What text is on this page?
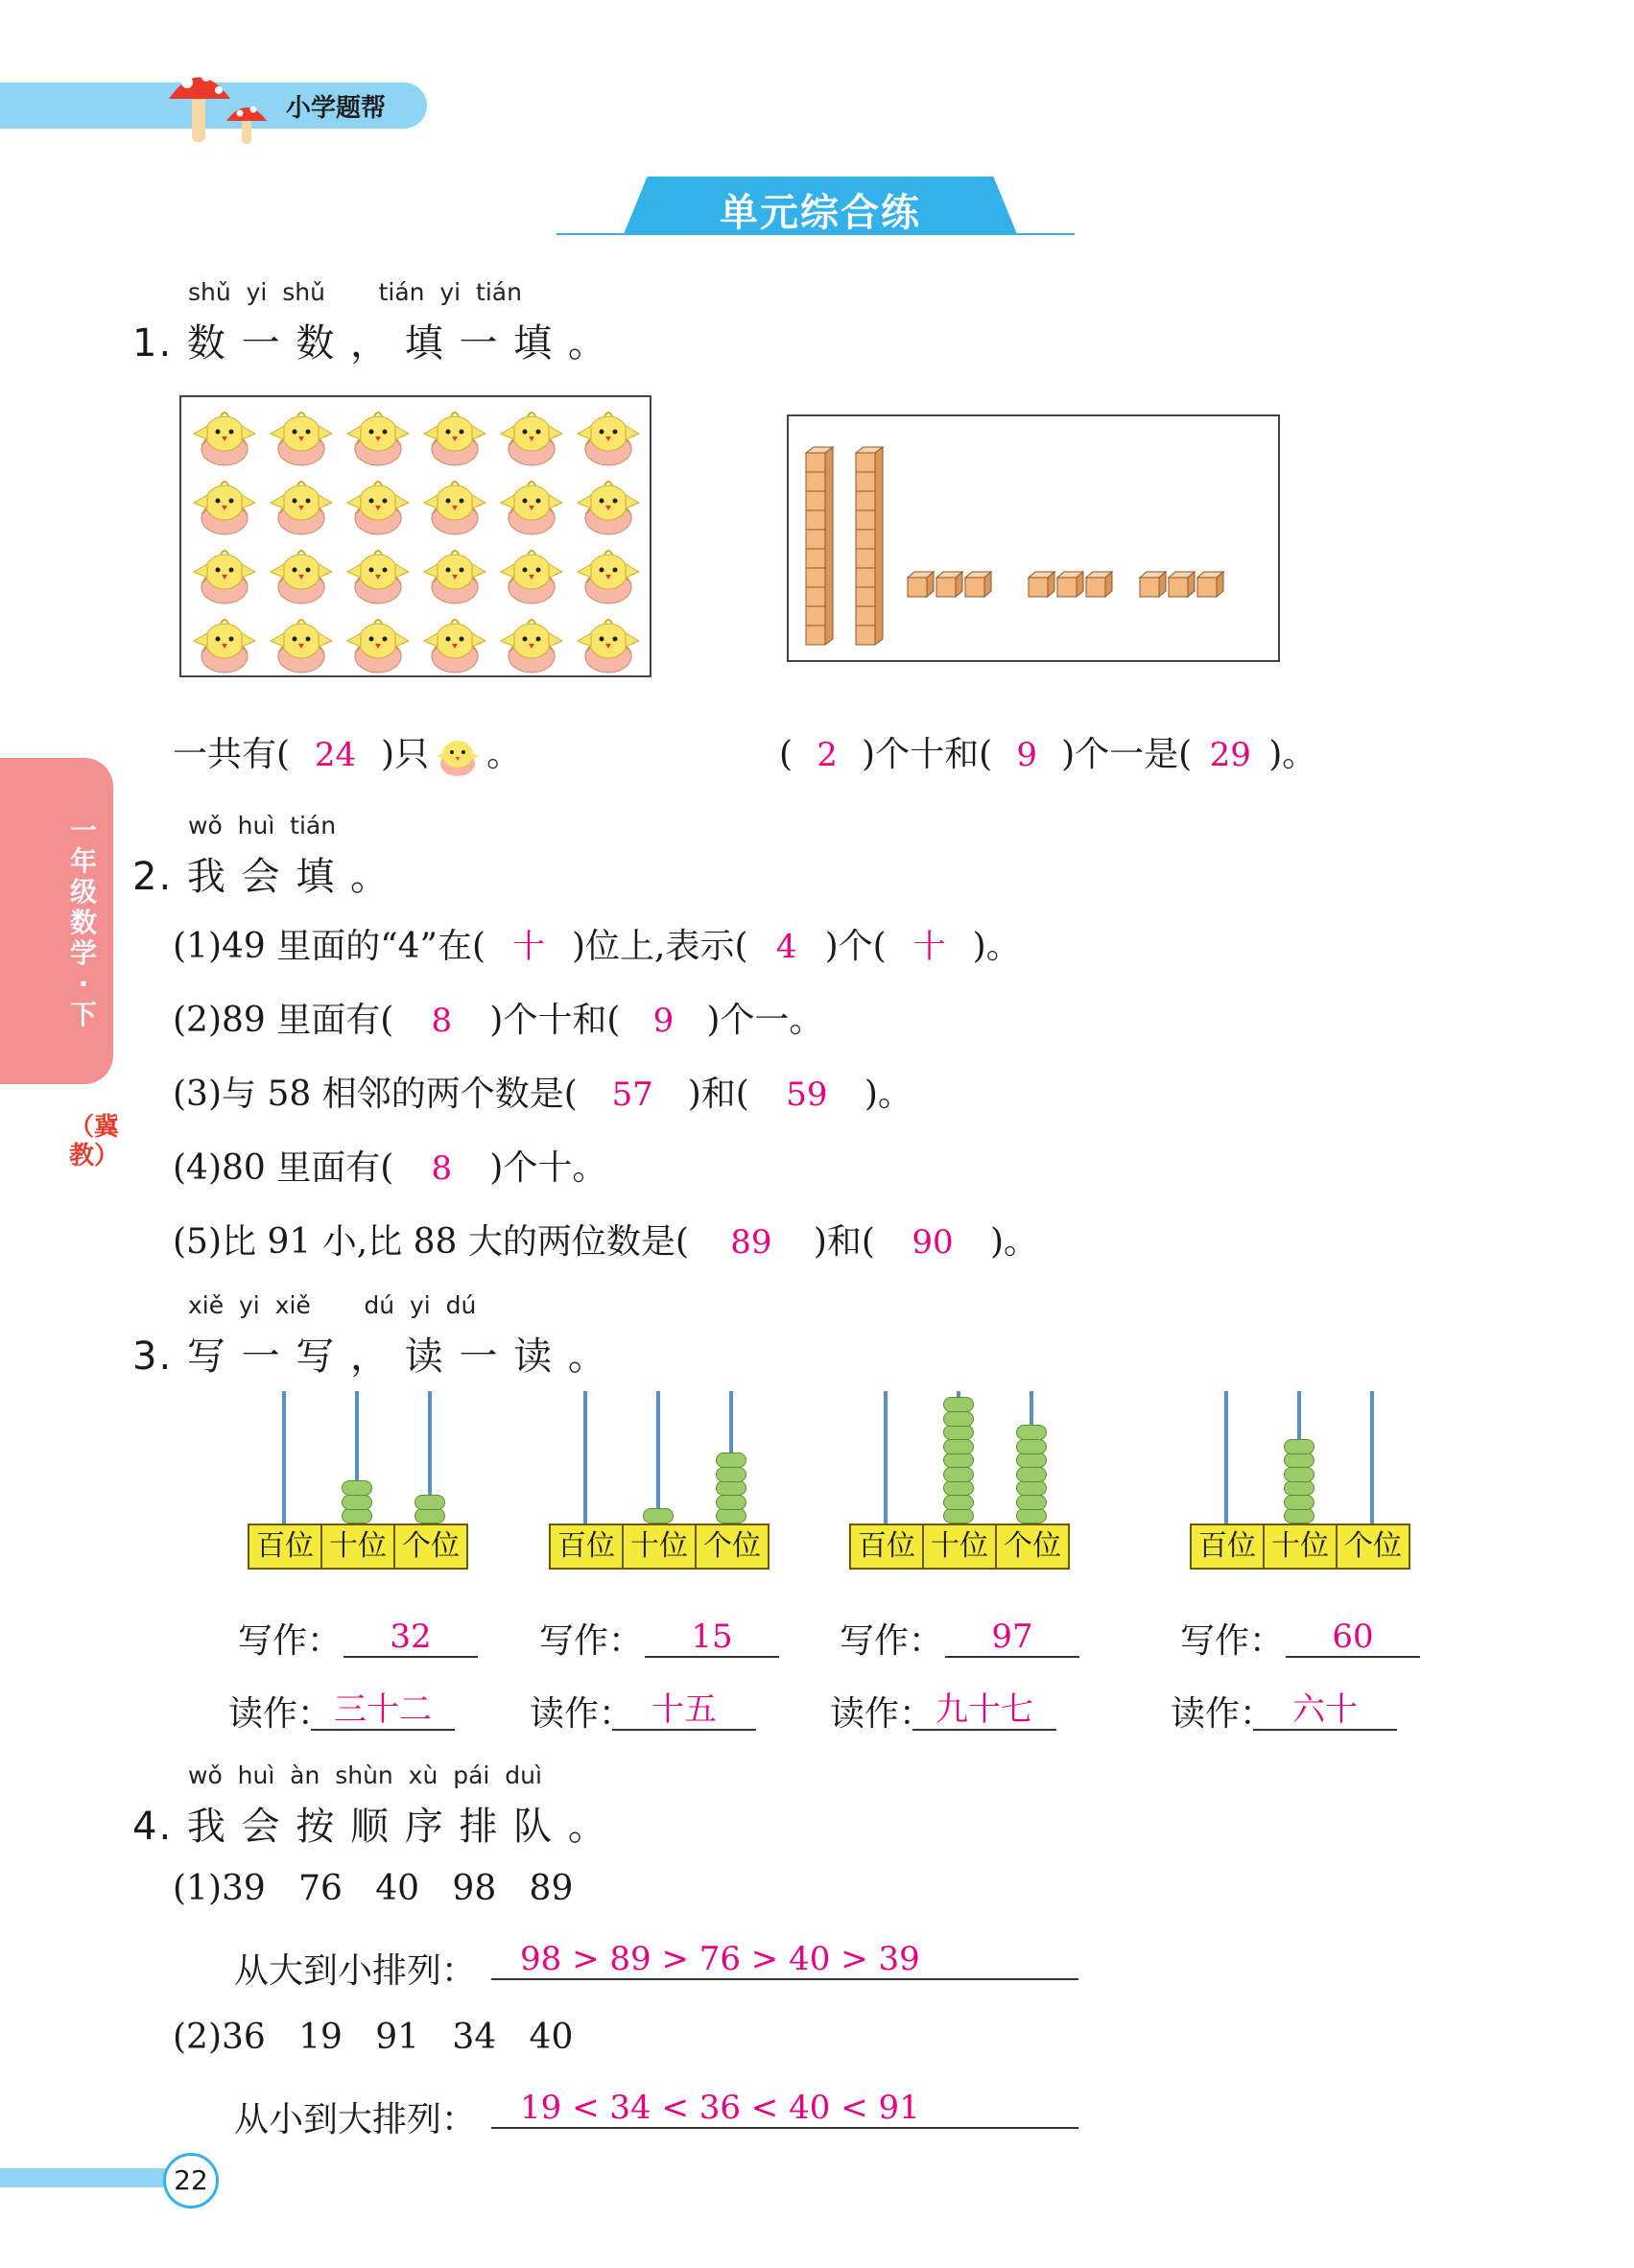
小学题帮
单元综合练
一年级数学·下
（冀教）
shǔ  yi  shǔ       tián  yi  tián
1. 数 一 数 ， 填 一 填 。
一共有( 24 )只 。	( 2 )个十和( 9 )个一是( 29 )。
wǒ  huì  tián
2. 我 会 填 。
(1)49 里面的“4”在( 十 )位上,表示( 4 )个( 十 )。
(2)89 里面有( 8 )个十和( 9 )个一。
(3)与 58 相邻的两个数是( 57 )和( 59 )。
(4)80 里面有( 8 )个十。
(5)比 91 小,比 88 大的两位数是( 89 )和( 90 )。
xiě  yi  xiě       dú  yi  dú
3. 写 一 写 ， 读 一 读 。
百位 十位 个位
写作：	32
读作： 三十二
百位 十位 个位
写作：	15
读作： 十五
百位 十位 个位
写作：	97
读作： 九十七
百位 十位 个位
写作：	60
读作： 六十
wǒ  huì  àn  shùn  xù  pái  duì
4. 我 会 按 顺 序 排 队 。
(1)39   76   40   98   89
从大到小排列：	98 > 89 > 76 > 40 > 39
(2)36   19   91   34   40
从小到大排列：	19 < 34 < 36 < 40 < 91
22
